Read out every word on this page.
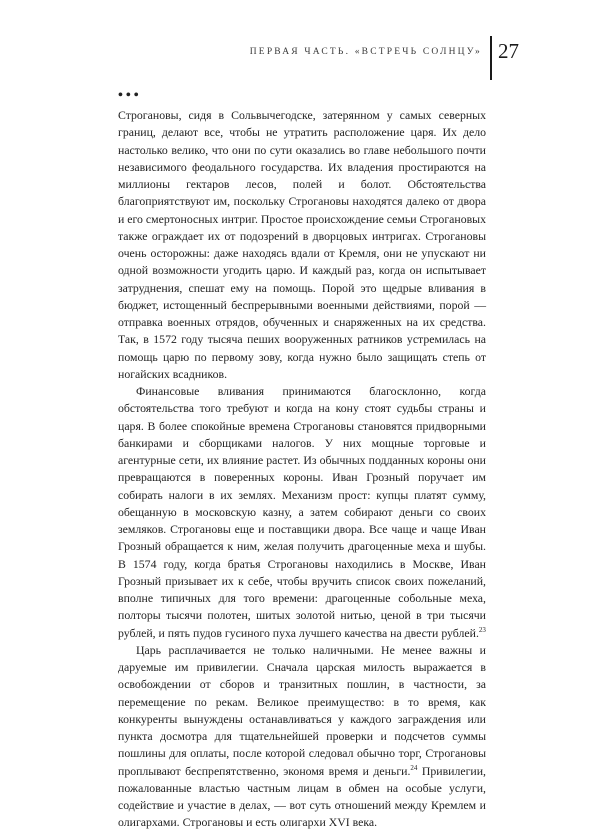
ПЕРВАЯ ЧАСТЬ. «ВСТРЕЧЬ СОЛНЦУ» 27
•••

Строгановы, сидя в Сольвычегодске, затерянном у самых северных границ, делают все, чтобы не утратить расположение царя. Их дело настолько велико, что они по сути оказались во главе небольшого почти независимого феодального государства. Их владения простираются на миллионы гектаров лесов, полей и болот. Обстоятельства благоприятствуют им, поскольку Строгановы находятся далеко от двора и его смертоносных интриг. Простое происхождение семьи Строгановых также ограждает их от подозрений в дворцовых интригах. Строгановы очень осторожны: даже находясь вдали от Кремля, они не упускают ни одной возможности угодить царю. И каждый раз, когда он испытывает затруднения, спешат ему на помощь. Порой это щедрые вливания в бюджет, истощенный беспрерывными военными действиями, порой — отправка военных отрядов, обученных и снаряженных на их средства. Так, в 1572 году тысяча пеших вооруженных ратников устремилась на помощь царю по первому зову, когда нужно было защищать степь от ногайских всадников.

Финансовые вливания принимаются благосклонно, когда обстоятельства того требуют и когда на кону стоят судьбы страны и царя. В более спокойные времена Строгановы становятся придворными банкирами и сборщиками налогов. У них мощные торговые и агентурные сети, их влияние растет. Из обычных подданных короны они превращаются в поверенных короны. Иван Грозный поручает им собирать налоги в их землях. Механизм прост: купцы платят сумму, обещанную в московскую казну, а затем собирают деньги со своих земляков. Строгановы еще и поставщики двора. Все чаще и чаще Иван Грозный обращается к ним, желая получить драгоценные меха и шубы. В 1574 году, когда братья Строгановы находились в Москве, Иван Грозный призывает их к себе, чтобы вручить список своих пожеланий, вполне типичных для того времени: драгоценные собольные меха, полторы тысячи полотен, шитых золотой нитью, ценой в три тысячи рублей, и пять пудов гусиного пуха лучшего качества на двести рублей.$^{23}$

Царь расплачивается не только наличными. Не менее важны и даруемые им привилегии. Сначала царская милость выражается в освобождении от сборов и транзитных пошлин, в частности, за перемещение по рекам. Великое преимущество: в то время, как конкуренты вынуждены останавливаться у каждого заграждения или пункта досмотра для тщательнейшей проверки и подсчетов суммы пошлины для оплаты, после которой следовал обычно торг, Строгановы проплывают беспрепятственно, экономя время и деньги.$^{24}$ Привилегии, пожалованные властью частным лицам в обмен на особые услуги, содействие и участие в делах, — вот суть отношений между Кремлем и олигархами. Строгановы и есть олигархи XVI века.
